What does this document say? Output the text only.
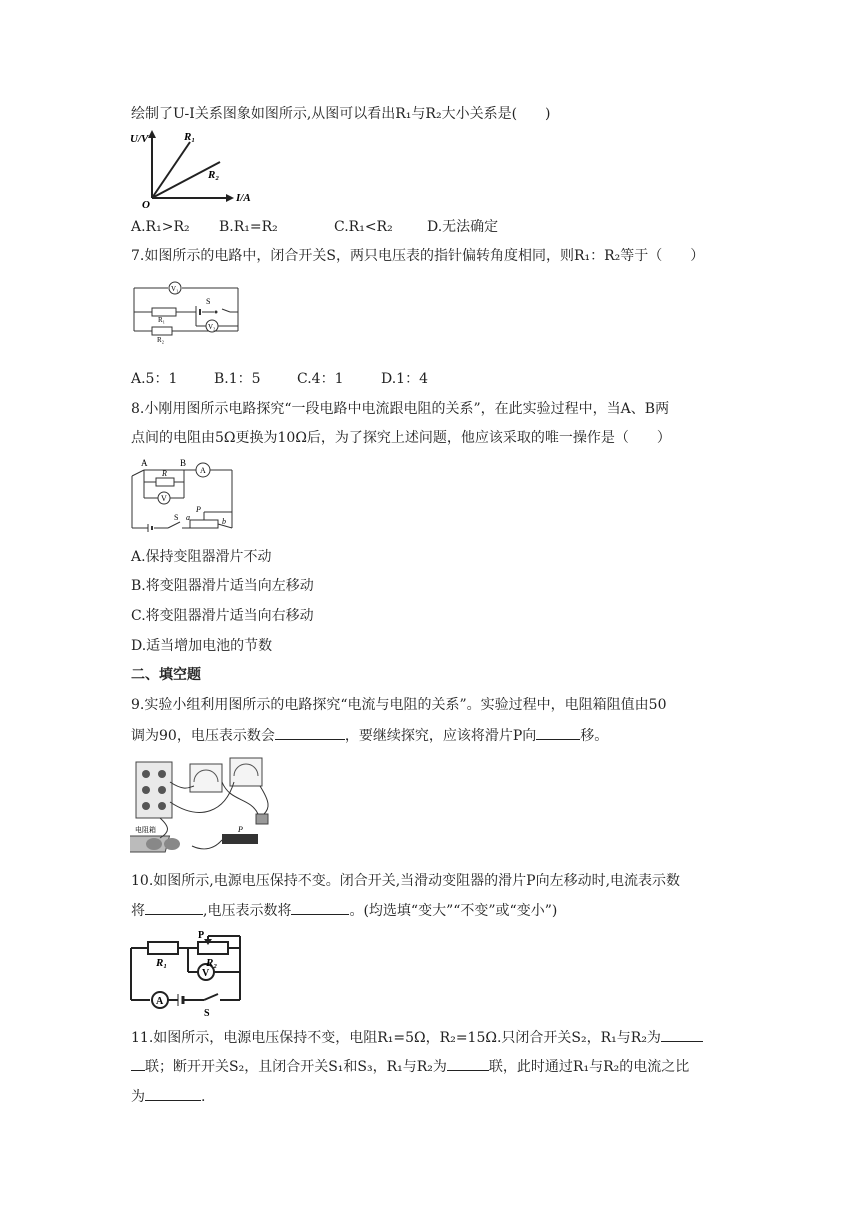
绘制了U-I关系图象如图所示,从图可以看出R₁与R₂大小关系是(　　)
U/V
I/A
O
R₁
R₂
A.R₁>R₂ B.R₁=R₂	C.R₁<R₂ D.无法确定
7.如图所示的电路中，闭合开关S，两只电压表的指针偏转角度相同，则R₁：R₂等于（　　）
V₁
V₂
R₁
R₂
S
A.5：1	B.1：5	C.4：1	D.1：4
8.小刚用图所示电路探究“一段电路中电流跟电阻的关系”，在此实验过程中，当A、B两
点间的电阻由5Ω更换为10Ω后，为了探究上述问题，他应该采取的唯一操作是（　　）
A
V
A	B
R
S
P
a	b
A.保持变阻器滑片不动
B.将变阻器滑片适当向左移动
C.将变阻器滑片适当向右移动
D.适当增加电池的节数
二、填空题
9.实验小组利用图所示的电路探究“电流与电阻的关系”。实验过程中，电阻箱阻值由50
调为90，电压表示数会	，要继续探究，应该将滑片P向	移。
电阻箱	P
10.如图所示,电源电压保持不变。闭合开关,当滑动变阻器的滑片P向左移动时,电流表示数
将	,电压表示数将	。(均选填“变大”“不变”或“变小”)
V
A
R₁	R₂
P
S
11.如图所示，电源电压保持不变，电阻R₁=5Ω，R₂=15Ω.只闭合开关S₂，R₁与R₂为
联；断开开关S₂，且闭合开关S₁和S₃，R₁与R₂为	联，此时通过R₁与R₂的电流之比
为	.
